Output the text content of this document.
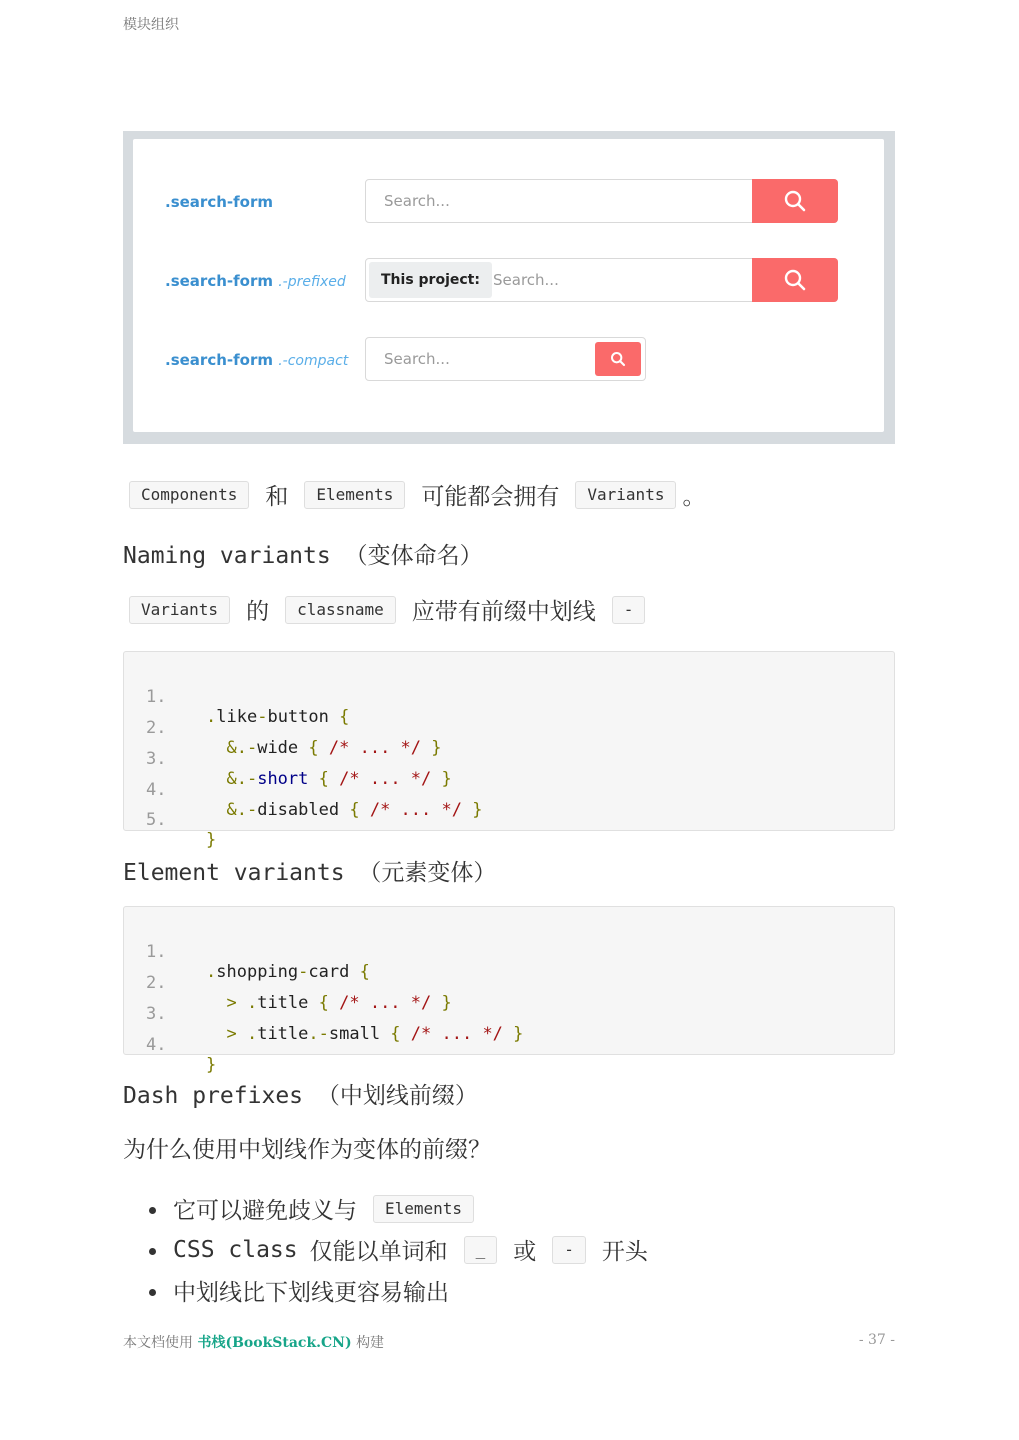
模块组织
.search-form	Search...
.search-form .-prefixed	This project: Search...
.search-form .-compact Search...
Components	和	Elements	可能都会拥有	Variants 。
Naming variants （变体命名）
Variants	的	classname	应带有前缀中划线	-

1.

.like-button {

2.

&.-wide { /* ... */ }

3.

&.-short { /* ... */ }

4.

&.-disabled { /* ... */ }

5.

}

Element variants （元素变体）

1.

.shopping-card {

2.

> .title { /* ... */ }

3.

> .title.-small { /* ... */ }

4.

}

Dash prefixes （中划线前缀）
为什么使用中划线作为变体的前缀？
它可以避免歧义与	Elements
CSS class 仅能以单词和	_	或	-	开头
中划线比下划线更容易输出
本文档使用 书栈(BookStack.CN) 构建	- 37 -
